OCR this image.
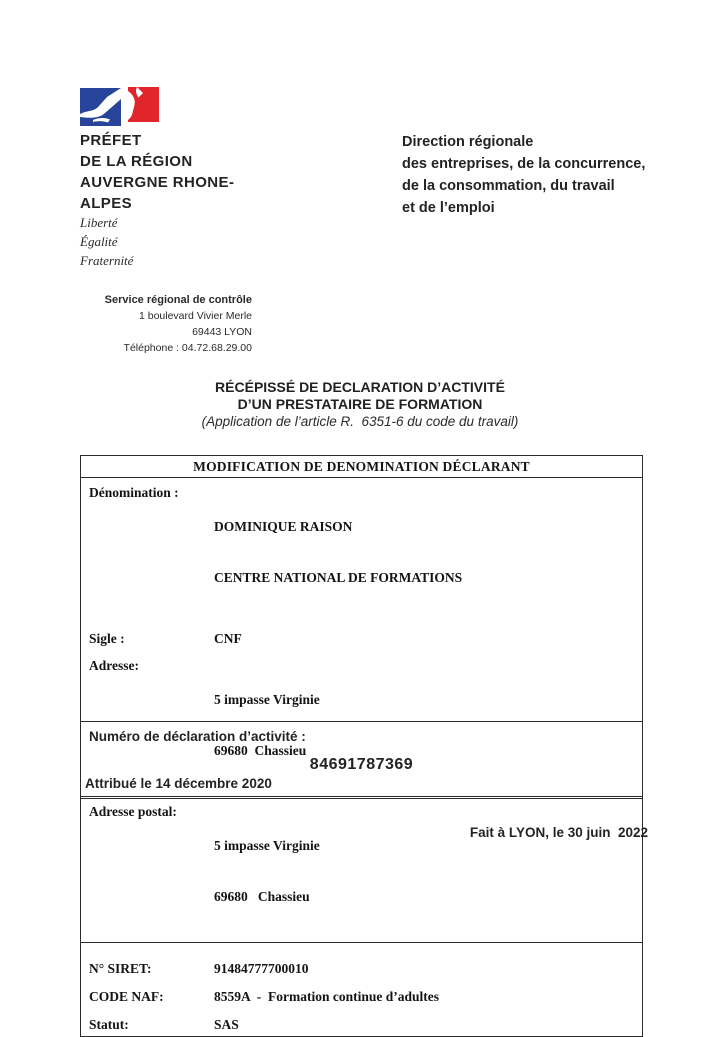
PRÉFET
DE LA RÉGION
AUVERGNE RHONE-
ALPES
Liberté
Égalité
Fraternité
Direction régionale
des entreprises, de la concurrence,
de la consommation, du travail
et de l’emploi
Service régional de contrôle
1 boulevard Vivier Merle
69443 LYON
Téléphone : 04.72.68.29.00
RÉCÉPISSÉ DE DECLARATION D’ACTIVITÉ
D’UN PRESTATAIRE DE FORMATION
(Application de l’article R.  6351-6 du code du travail)
MODIFICATION DE DENOMINATION DÉCLARANT
Dénomination :

DOMINIQUE RAISON

CENTRE NATIONAL DE FORMATIONS

Sigle :	CNF
Adresse:

5 impasse Virginie

69680  Chassieu

Adresse postal:

5 impasse Virginie

69680   Chassieu

N° SIRET:	91484777700010
CODE NAF:	8559A  -  Formation continue d’adultes
Statut:	SAS
Numéro de déclaration d’activité :
84691787369
Attribué le 14 décembre 2020
Fait à LYON, le 30 juin  2022
